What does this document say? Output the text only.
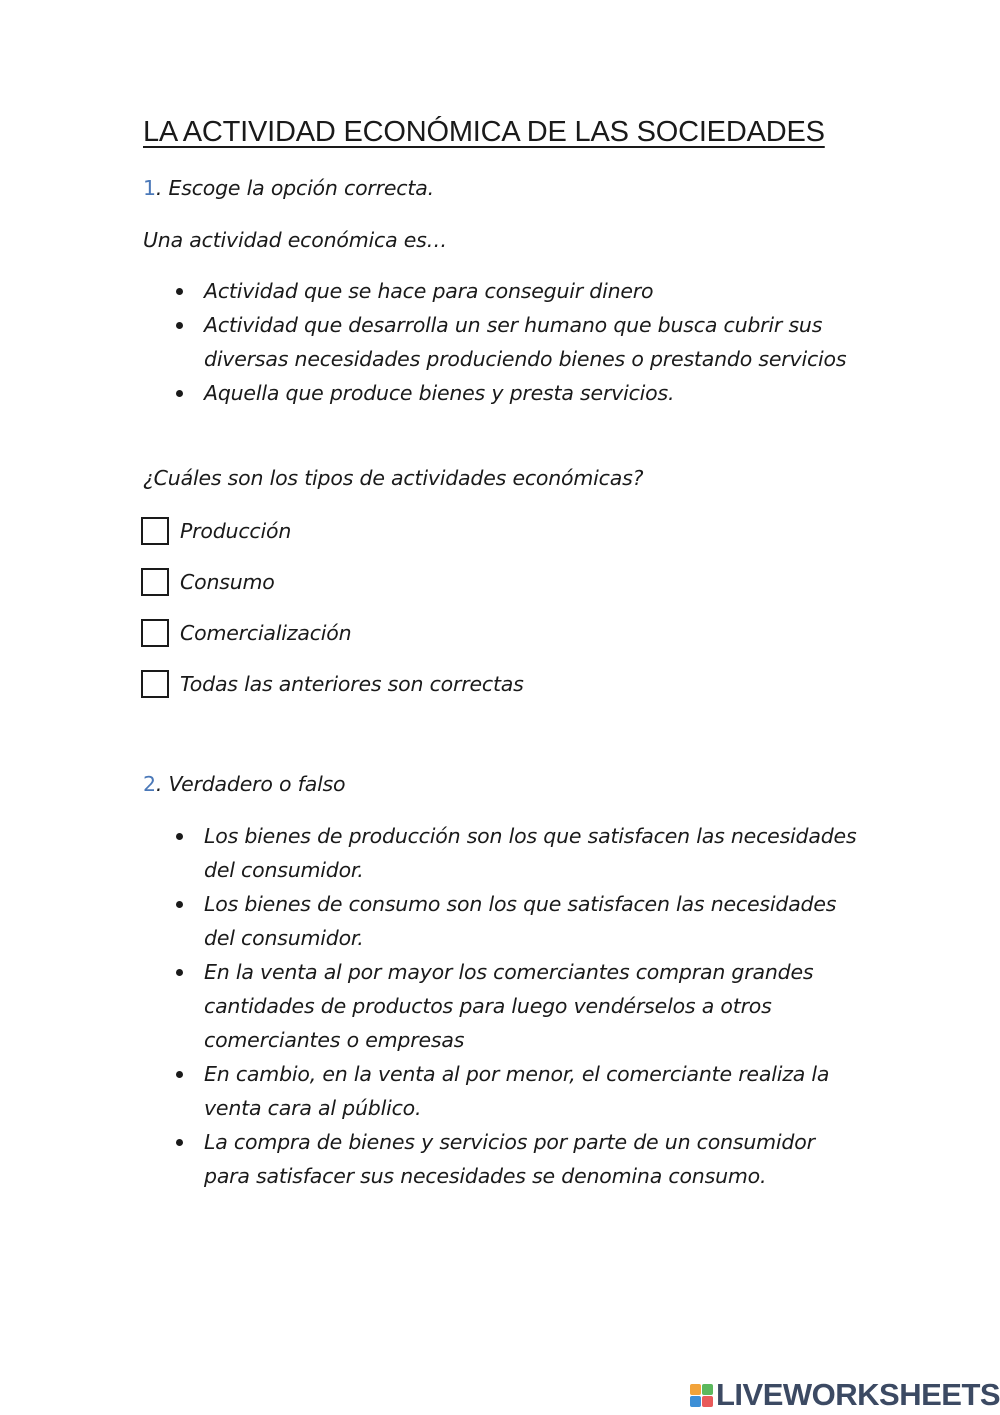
LA ACTIVIDAD ECONÓMICA DE LAS SOCIEDADES
1. Escoge la opción correcta.
Una actividad económica es…
Actividad que se hace para conseguir dinero
Actividad que desarrolla un ser humano que busca cubrir sus diversas necesidades produciendo bienes o prestando servicios
Aquella que produce bienes y presta servicios.
¿Cuáles son los tipos de actividades económicas?
Producción
Consumo
Comercialización
Todas las anteriores son correctas
2. Verdadero o falso
Los bienes de producción son los que satisfacen las necesidades del consumidor.
Los bienes de consumo son los que satisfacen las necesidades del consumidor.
En la venta al por mayor los comerciantes compran grandes cantidades de productos para luego vendérselos a otros comerciantes o empresas
En cambio, en la venta al por menor, el comerciante realiza la venta cara al público.
La compra de bienes y servicios por parte de un consumidor para satisfacer sus necesidades se denomina consumo.
LIVEWORKSHEETS
